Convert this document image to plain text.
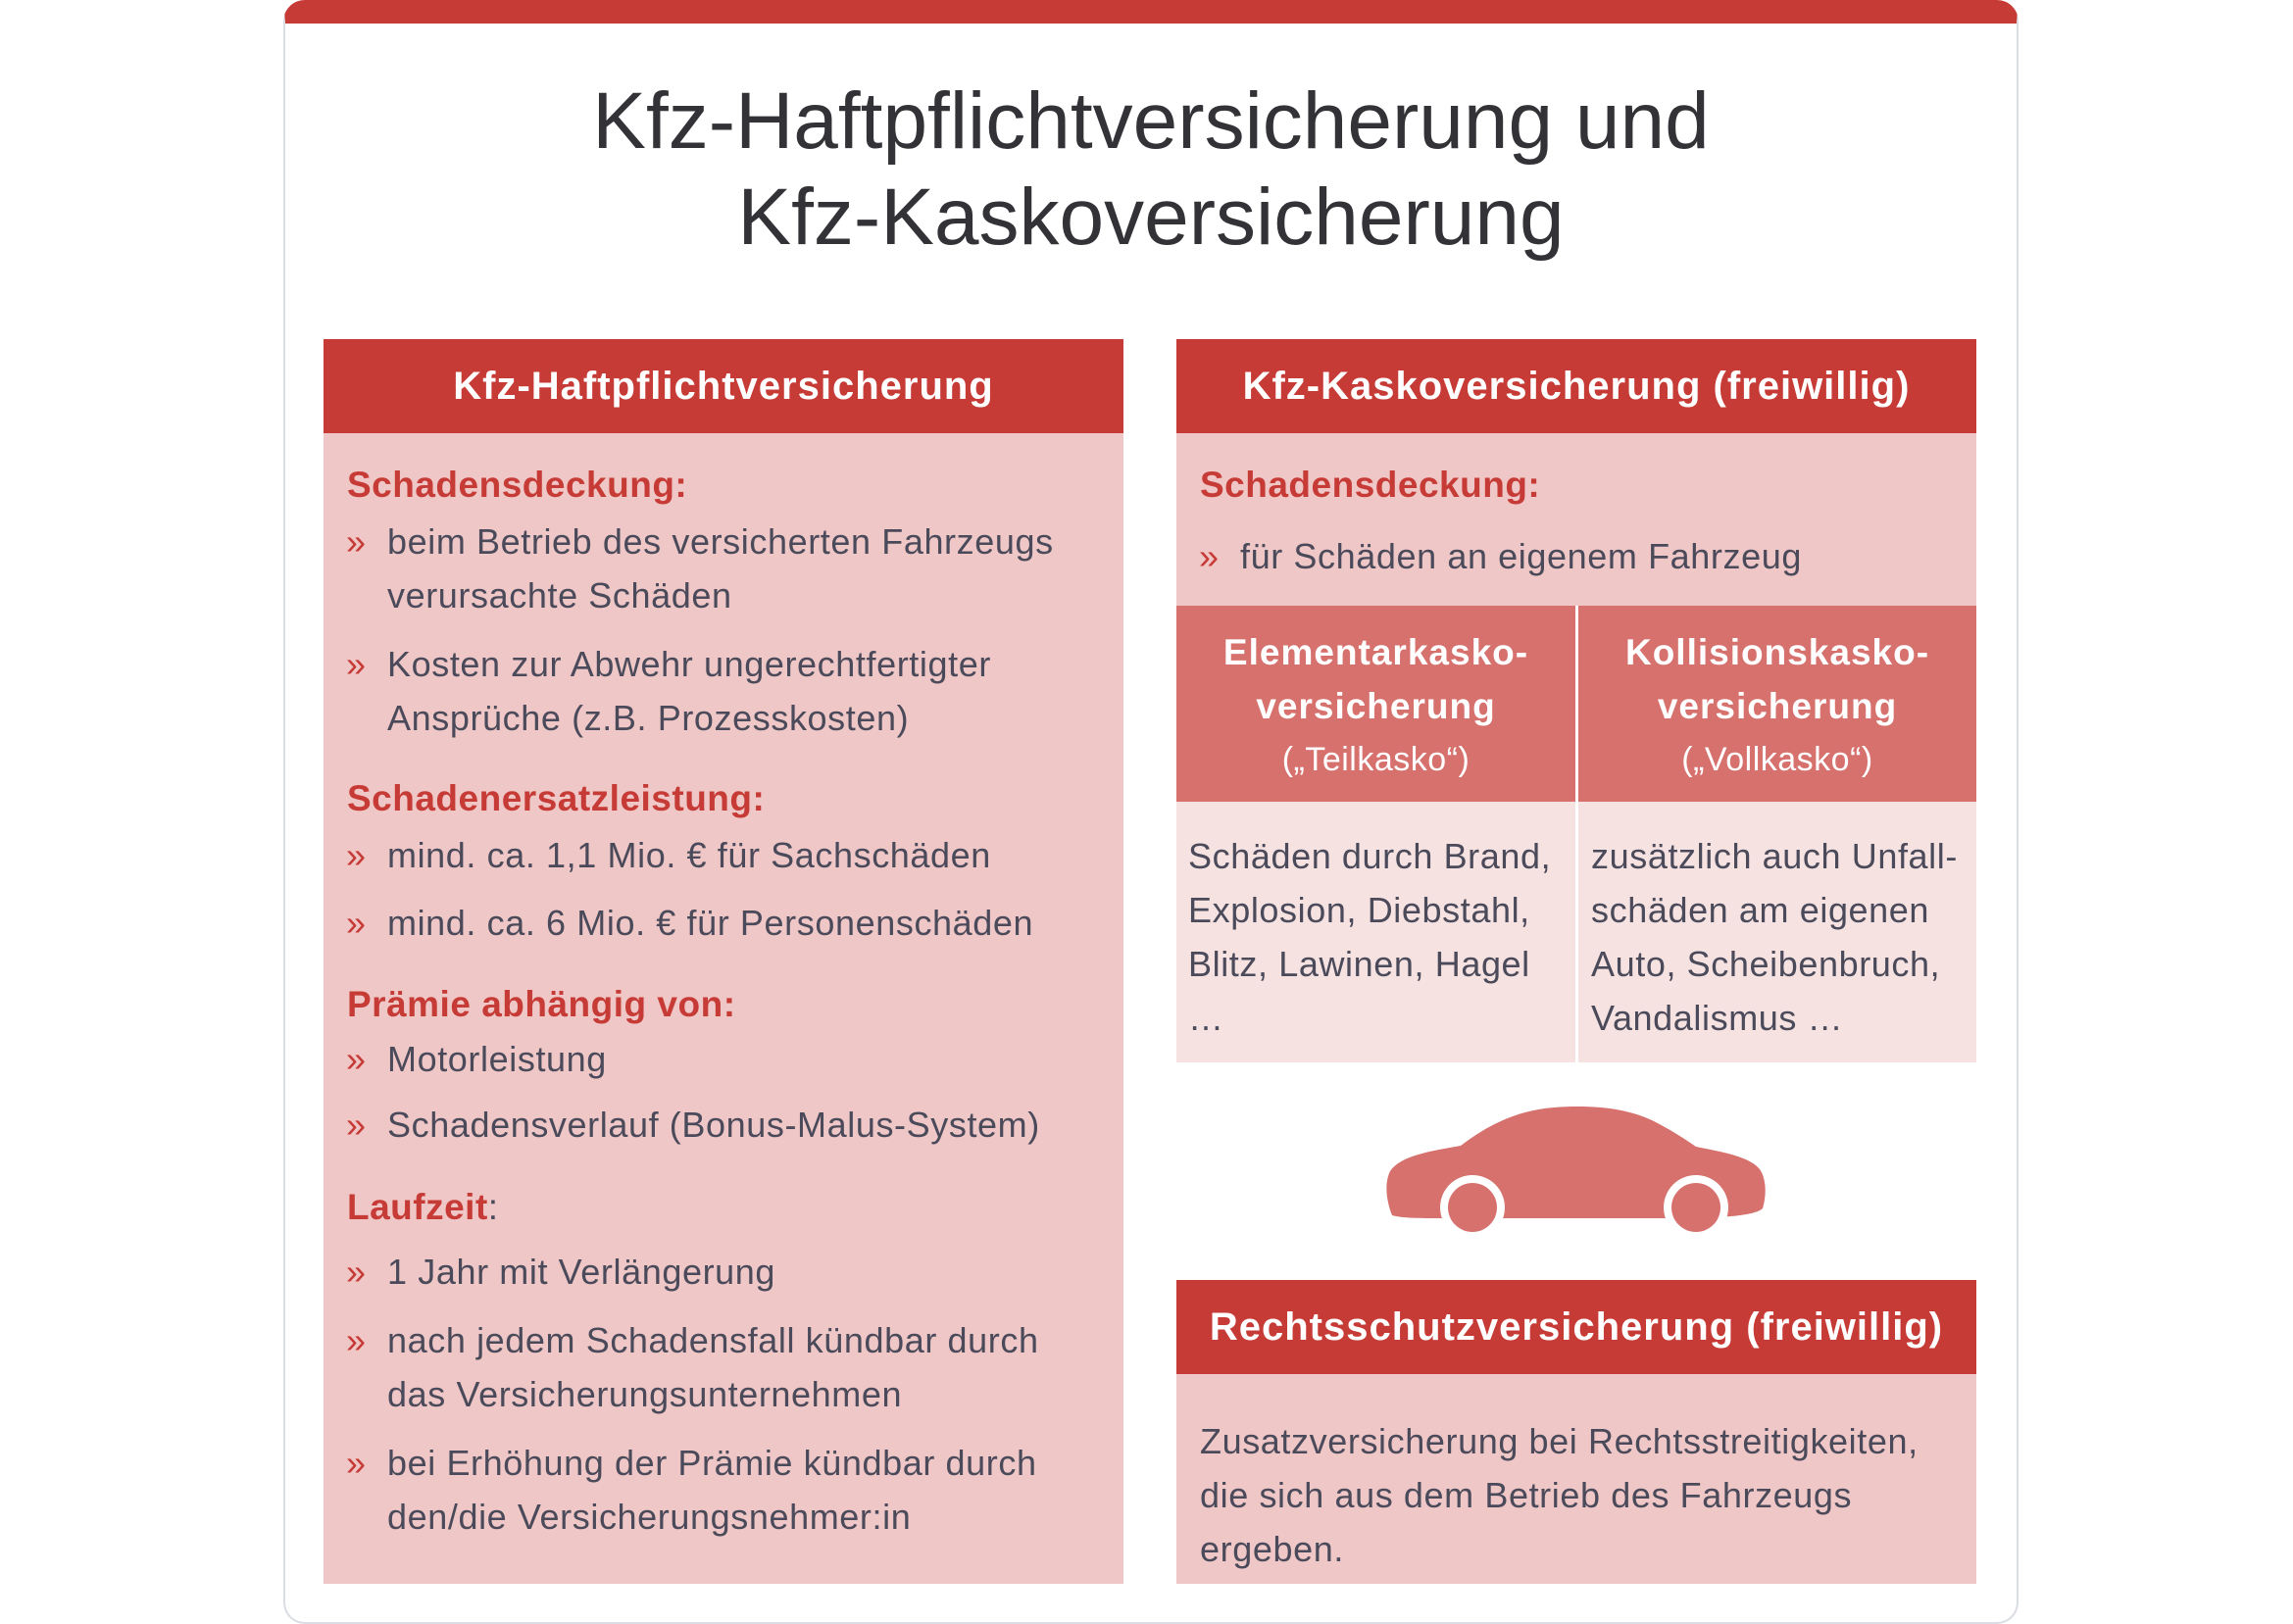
Kfz-Haftpflichtversicherung und
Kfz-Kaskoversicherung
Kfz-Haftpflichtversicherung
Schadensdeckung:
» beim Betrieb des versicherten Fahrzeugs
verursachte Schäden
» Kosten zur Abwehr ungerechtfertigter
Ansprüche (z.B. Prozesskosten)
Schadenersatzleistung:
» mind. ca. 1,1 Mio. € für Sachschäden
» mind. ca. 6 Mio. € für Personenschäden
Prämie abhängig von:
» Motorleistung
» Schadensverlauf (Bonus-Malus-System)
Laufzeit:
» 1 Jahr mit Verlängerung
» nach jedem Schadensfall kündbar durch
das Versicherungsunternehmen
» bei Erhöhung der Prämie kündbar durch
den/die Versicherungsnehmer:in
Kfz-Kaskoversicherung (freiwillig)
Schadensdeckung:
» für Schäden an eigenem Fahrzeug
Elementarkasko-
versicherung
(„Teilkasko“)
Schäden durch Brand,
Explosion, Diebstahl,
Blitz, Lawinen, Hagel
…
Kollisionskasko-
versicherung
(„Vollkasko“)
zusätzlich auch Unfall-
schäden am eigenen
Auto, Scheibenbruch,
Vandalismus …
Rechtsschutzversicherung (freiwillig)
Zusatzversicherung bei Rechtsstreitigkeiten,
die sich aus dem Betrieb des Fahrzeugs
ergeben.
